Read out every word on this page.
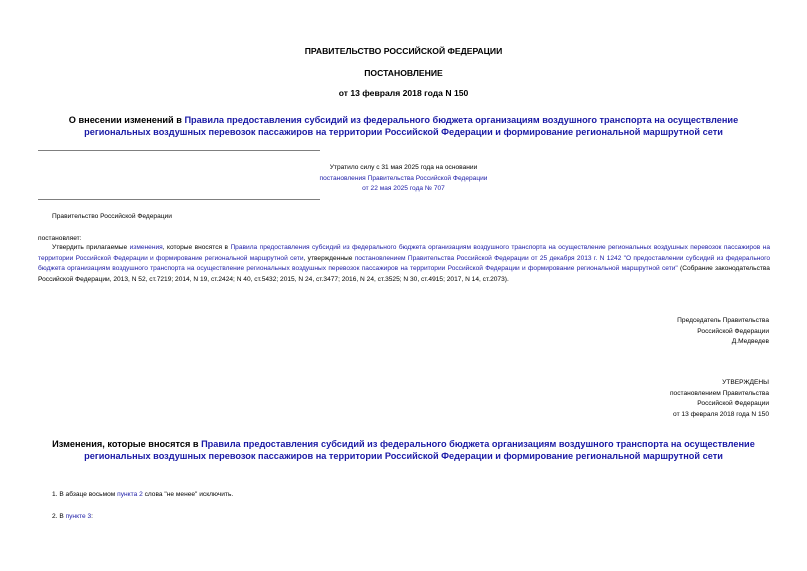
ПРАВИТЕЛЬСТВО РОССИЙСКОЙ ФЕДЕРАЦИИ
ПОСТАНОВЛЕНИЕ
от 13 февраля 2018 года N 150
О внесении изменений в Правила предоставления субсидий из федерального бюджета организациям воздушного транспорта на осуществление региональных воздушных перевозок пассажиров на территории Российской Федерации и формирование региональной маршрутной сети
Утратило силу с 31 мая 2025 года на основании
постановления Правительства Российской Федерации
от 22 мая 2025 года № 707
Правительство Российской Федерации
постановляет:
Утвердить прилагаемые изменения, которые вносятся в Правила предоставления субсидий из федерального бюджета организациям воздушного транспорта на осуществление региональных воздушных перевозок пассажиров на территории Российской Федерации и формирование региональной маршрутной сети, утвержденные постановлением Правительства Российской Федерации от 25 декабря 2013 г. N 1242 "О предоставлении субсидий из федерального бюджета организациям воздушного транспорта на осуществление региональных воздушных перевозок пассажиров на территории Российской Федерации и формирование региональной маршрутной сети" (Собрание законодательства Российской Федерации, 2013, N 52, ст.7219; 2014, N 19, ст.2424; N 40, ст.5432; 2015, N 24, ст.3477; 2016, N 24, ст.3525; N 30, ст.4915; 2017, N 14, ст.2073).
Председатель Правительства
Российской Федерации
Д.Медведев
УТВЕРЖДЕНЫ
постановлением Правительства
Российской Федерации
от 13 февраля 2018 года N 150
Изменения, которые вносятся в Правила предоставления субсидий из федерального бюджета организациям воздушного транспорта на осуществление региональных воздушных перевозок пассажиров на территории Российской Федерации и формирование региональной маршрутной сети
1. В абзаце восьмом пункта 2 слова "не менее" исключить.
2. В пункте 3:
